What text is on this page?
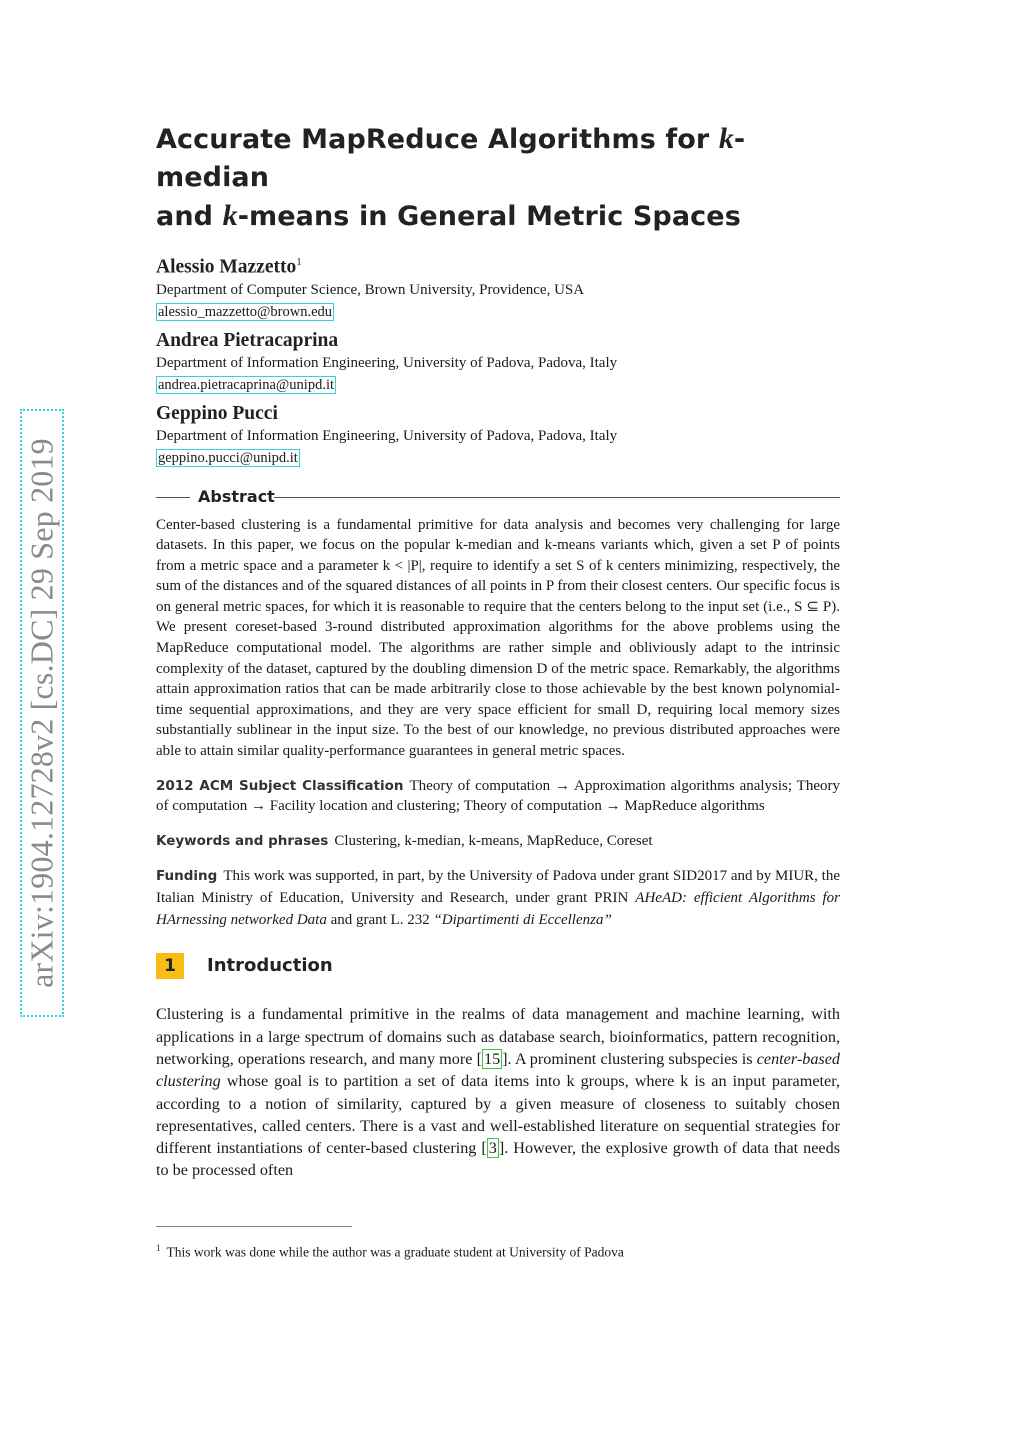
arXiv:1904.12728v2 [cs.DC] 29 Sep 2019
Accurate MapReduce Algorithms for k-median
and k-means in General Metric Spaces
Alessio Mazzetto$^1$
Department of Computer Science, Brown University, Providence, USA
alessio_mazzetto@brown.edu
Andrea Pietracaprina
Department of Information Engineering, University of Padova, Padova, Italy
andrea.pietracaprina@unipd.it
Geppino Pucci
Department of Information Engineering, University of Padova, Padova, Italy
geppino.pucci@unipd.it
Abstract

Center-based clustering is a fundamental primitive for data analysis and becomes very challenging for large datasets. In this paper, we focus on the popular k-median and k-means variants which, given a set P of points from a metric space and a parameter k < |P|, require to identify a set S of k centers minimizing, respectively, the sum of the distances and of the squared distances of all points in P from their closest centers. Our specific focus is on general metric spaces, for which it is reasonable to require that the centers belong to the input set (i.e., S ⊆ P). We present coreset-based 3-round distributed approximation algorithms for the above problems using the MapReduce computational model. The algorithms are rather simple and obliviously adapt to the intrinsic complexity of the dataset, captured by the doubling dimension D of the metric space. Remarkably, the algorithms attain approximation ratios that can be made arbitrarily close to those achievable by the best known polynomial-time sequential approximations, and they are very space efficient for small D, requiring local memory sizes substantially sublinear in the input size. To the best of our knowledge, no previous distributed approaches were able to attain similar quality-performance guarantees in general metric spaces.

2012 ACM Subject Classification Theory of computation → Approximation algorithms analysis; Theory of computation → Facility location and clustering; Theory of computation → MapReduce algorithms

Keywords and phrases Clustering, k-median, k-means, MapReduce, Coreset

Funding This work was supported, in part, by the University of Padova under grant SID2017 and by MIUR, the Italian Ministry of Education, University and Research, under grant PRIN AHeAD: efficient Algorithms for HArnessing networked Data and grant L. 232 “Dipartimenti di Eccellenza”

1	Introduction

Clustering is a fundamental primitive in the realms of data management and machine learning, with applications in a large spectrum of domains such as database search, bioinformatics, pattern recognition, networking, operations research, and many more [ 15 ]. A prominent clustering subspecies is center-based clustering whose goal is to partition a set of data items into k groups, where k is an input parameter, according to a notion of similarity, captured by a given measure of closeness to suitably chosen representatives, called centers. There is a vast and well-established literature on sequential strategies for different instantiations of center-based clustering [ 3 ]. However, the explosive growth of data that needs to be processed often

$^1$ This work was done while the author was a graduate student at University of Padova
